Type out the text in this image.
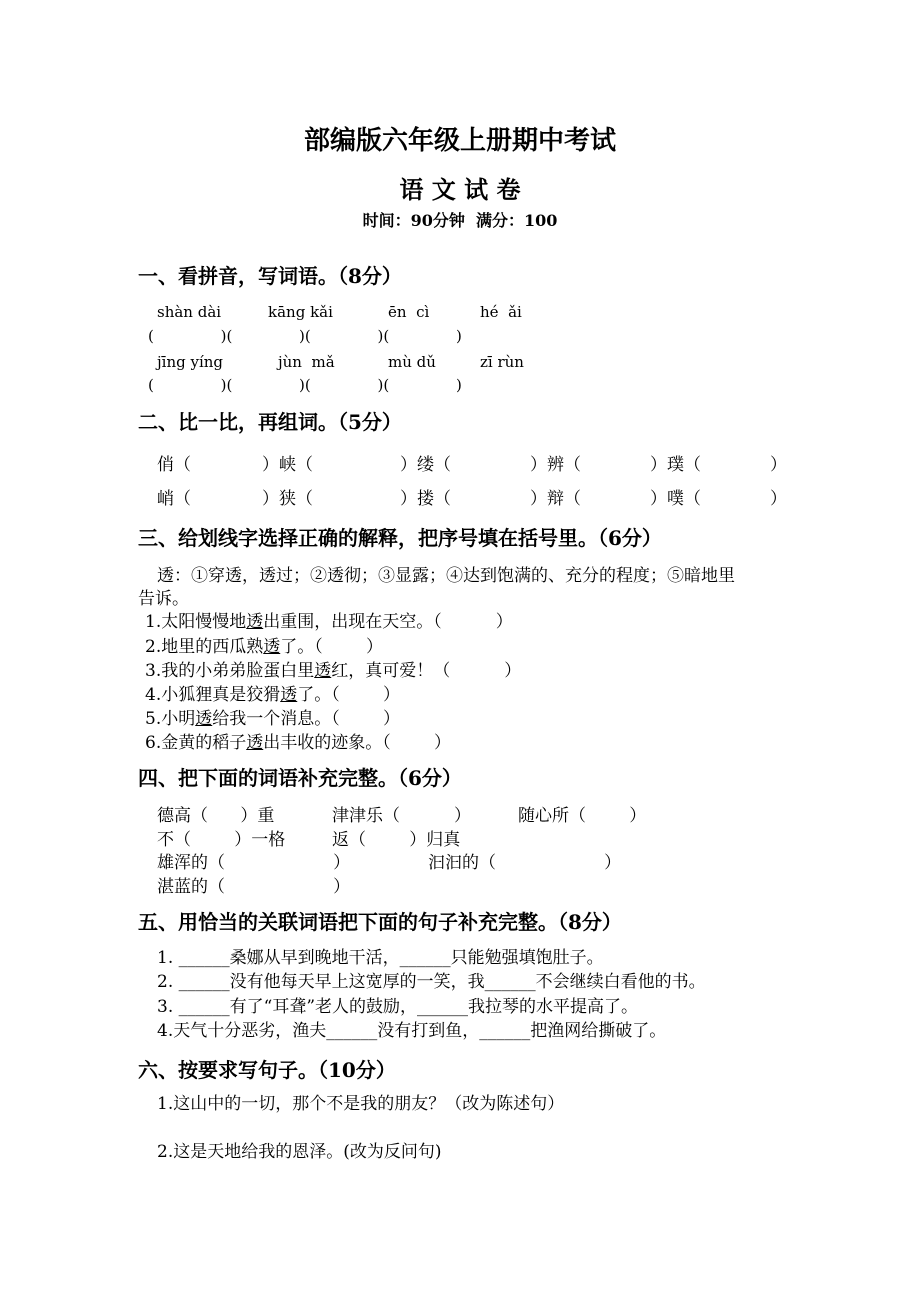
部编版六年级上册期中考试
语 文 试 卷
时间：90分钟  满分：100
一、看拼音，写词语。（8分）
shàn dài	kāng kǎi	ēn  cì	hé  ǎi
(              )(              )(              )(              )
jīng yíng	jùn  mǎ	mù dǔ	zī rùn
(              )(              )(              )(              )
二、比一比，再组词。（5分）
俏（	）峡（	）缕（	）辨（	）璞（	）
峭（	）狭（	）搂（	）辩（	）噗（	）
三、给划线字选择正确的解释，把序号填在括号里。（6分）
透：①穿透，透过；②透彻；③显露；④达到饱满的、充分的程度；⑤暗地里
告诉。
1.太阳慢慢地透出重围，出现在天空。（          ）
2.地里的西瓜熟透了。（        ）
3.我的小弟弟脸蛋白里透红，真可爱！（          ）
4.小狐狸真是狡猾透了。（        ）
5.小明透给我一个消息。（        ）
6.金黄的稻子透出丰收的迹象。（        ）
四、把下面的词语补充完整。（6分）
德高（      ）重	津津乐（          ）	随心所（        ）
不（        ）一格	返（        ）归真
雄浑的（                    ）	汩汩的（                    ）
湛蓝的（                    ）
五、用恰当的关联词语把下面的句子补充完整。（8分）
1. ______桑娜从早到晚地干活，______只能勉强填饱肚子。
2. ______没有他每天早上这宽厚的一笑，我______不会继续白看他的书。
3. ______有了“耳聋”老人的鼓励，______我拉琴的水平提高了。
4.天气十分恶劣，渔夫______没有打到鱼，______把渔网给撕破了。
六、按要求写句子。（10分）
1.这山中的一切，那个不是我的朋友？（改为陈述句）
2.这是天地给我的恩泽。(改为反问句)
